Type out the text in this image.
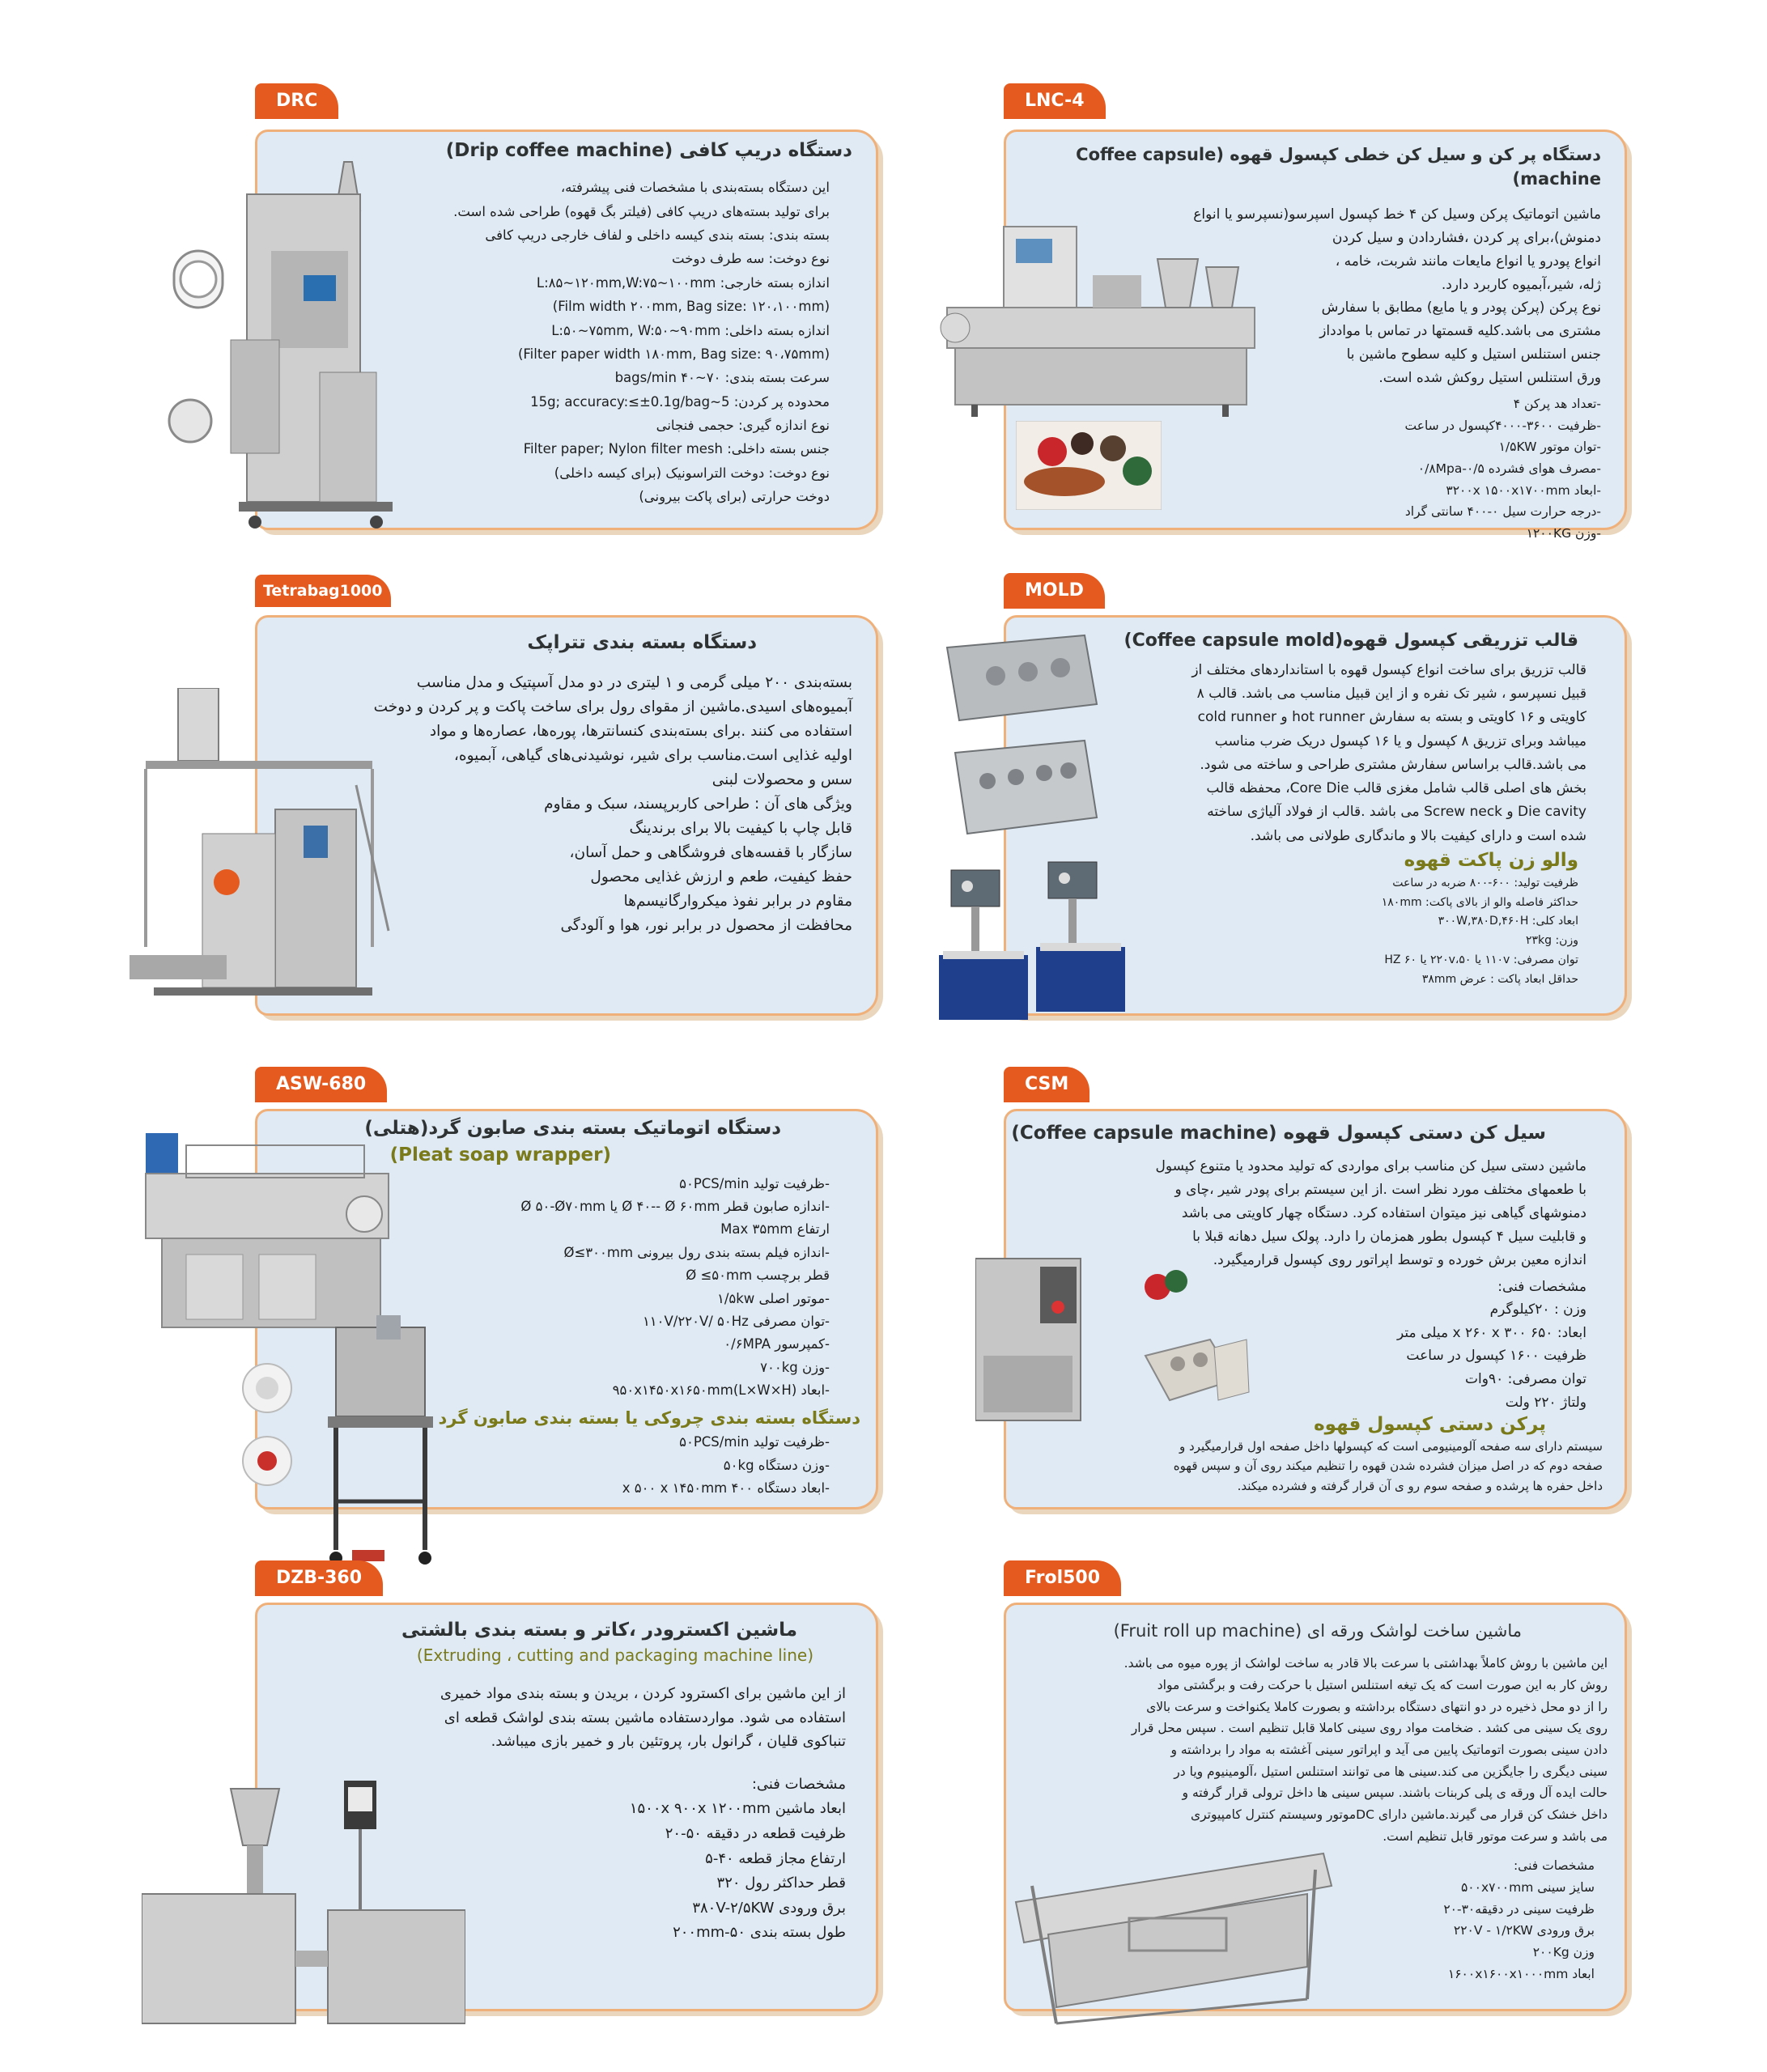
دستگاه دریپ کافی (Drip coffee machine)
این دستگاه بسته‌بندی با مشخصات فنی پیشرفته،
برای تولید بسته‌های دریپ کافی (فیلتر بگ قهوه) طراحی شده است.
بسته بندی: بسته بندی کیسه داخلی و لفاف خارجی دریپ کافی
نوع دوخت: سه طرف دوخت
اندازه بسته خارجی: L:۸۵~۱۲۰mm,W:۷۵~۱۰۰mm
(Film width ۲۰۰mm, Bag size: ۱۲۰،۱۰۰mm)
اندازه بسته داخلی: L:۵۰~۷۵mm, W:۵۰~۹۰mm
(Filter paper width ۱۸۰mm, Bag size: ۹۰،۷۵mm)
سرعت بسته بندی: bags/min ۴۰~۷۰
محدوده پر کردن: 5~15g; accuracy:≤±0.1g/bag
نوع اندازه گیری: حجمی فنجانی
جنس بسته داخلی: Filter paper; Nylon filter mesh
نوع دوخت: دوخت التراسونیک (برای کیسه داخلی)
دوخت حرارتی (برای پاکت بیرونی)
DRC
دستگاه پر کن و سیل کن خطی کپسول قهوه (Coffee capsule machine)
ماشین اتوماتیک پرکن وسیل کن ۴ خط کپسول اسپرسو(نسپرسو یا انواع
دمنوش)،برای پر کردن ،فشاردادن و سیل کردن
انواع پودرو یا انواع مایعات مانند شربت، خامه ،
ژله، شیر،آبمیوه کاربرد دارد.
نوع پرکن (پرکن پودر و یا مایع) مطابق با سفارش
مشتری می باشد.کلیه قسمتها در تماس با موادداز
جنس استنلس استیل و کلیه سطوح ماشین با
ورق استنلس استیل روکش شده است.
-تعداد هد پرکن ۴
-ظرفیت ۳۶۰۰-۴۰۰۰کپسول در ساعت
-توان موتور ۱/۵KW
-مصرف هوای فشرده ۰/۵-۰/۸Mpa
-ابعاد ۳۲۰۰x ۱۵۰۰x۱۷۰۰mm
-درجه حرارت سیل ۰-۴۰۰ سانتی گراد
-وزن ۱۲۰۰KG
LNC-4
دستگاه بسته بندی تتراپک
بسته‌بندی ۲۰۰ میلی گرمی و ۱ لیتری در دو مدل آسپتیک و مدل مناسب
آبمیوه‌های اسیدی.ماشین از مقوای رول برای ساخت پاکت و پر کردن و دوخت
استفاده می کنند .برای بسته‌بندی کنسانترها، پوره‌ها، عصاره‌ها و مواد
اولیه غذایی است.مناسب برای شیر، نوشیدنی‌های گیاهی، آبمیوه،
سس و محصولات لبنی
ویژگی های آن : طراحی کاربرپسند، سبک و مقاوم
قابل چاپ با کیفیت بالا برای برندینگ
سازگار با قفسه‌های فروشگاهی و حمل آسان،
حفظ کیفیت، طعم و ارزش غذایی محصول
مقاوم در برابر نفوذ میکروارگانیسم‌ها
محافظت از محصول در برابر نور، هوا و آلودگی
Tetrabag1000
قالب تزریقی کپسول قهوه(Coffee capsule mold)
قالب تزریق برای ساخت انواع کپسول قهوه با استانداردهای مختلف از
قبیل نسپرسو ، شیر تک نفره و از این قبیل مناسب می باشد. قالب ۸
کاویتی و ۱۶ کاویتی و بسته به سفارش hot runner و cold runner
میباشد وبرای تزریق ۸ کپسول و یا ۱۶ کپسول دریک ضرب مناسب
می باشد.قالب براساس سفارش مشتری طراحی و ساخته می شود.
بخش های اصلی قالب شامل مغزی قالب Core Die، محفظه قالب
Die cavity و Screw neck می باشد .قالب از فولاد آلیاژی ساخته
شده است و دارای کیفیت بالا و ماندگاری طولانی می باشد.
والو زن پاکت قهوه
ظرفیت تولید: ۶۰۰-۸۰۰ ضربه در ساعت
حداکثر فاصله والو از بالای پاکت: ۱۸۰mm
ابعاد کلی: ۳۰۰W,۳۸۰D,۴۶۰H
وزن: ۲۳kg
توان مصرفی: ۱۱۰v یا ۲۲۰v،۵۰ یا ۶۰ HZ
حداقل ابعاد پاکت : عرض ۳۸mm
MOLD
دستگاه اتوماتیک بسته بندی صابون گرد(هتلی)
(Pleat soap wrapper)
-ظرفیت تولید ۵۰PCS/min
-اندازه صابون قطر Ø ۴۰-- Ø ۶۰mm یا Ø ۵۰-Ø۷۰mm
ارتفاع Max ۳۵mm
-اندازه فیلم بسته بندی رول بیرونی Ø≤۳۰۰mm
قطر برچسب Ø ≤۵۰mm
-موتور اصلی ۱/۵kw
-توان مصرفی ۱۱۰V/۲۲۰V/ ۵۰Hz
-کمپرسور ۰/۶MPA
-وزن ۷۰۰kg
-ابعاد ۹۵۰x۱۴۵۰x۱۶۵۰mm(L×W×H)
دستگاه بسته بندی چروکی یا بسته بندی صابون گرد
-ظرفیت تولید ۵۰PCS/min
-وزن دستگاه ۵۰kg
-ابعاد دستگاه ۴۰۰ x ۵۰۰ x ۱۴۵۰mm
ASW-680
سیل کن دستی کپسول قهوه (Coffee capsule machine)
ماشین دستی سیل کن مناسب برای مواردی که تولید محدود یا متنوع کپسول
با طعمهای مختلف مورد نظر است .از این سیستم برای پودر شیر ،چای و
دمنوشهای گیاهی نیز میتوان استفاده کرد. دستگاه چهار کاویتی می باشد
و قابلیت سیل ۴ کپسول بطور همزمان را دارد. پولک سیل دهانه قبلا با
اندازه معین برش خورده و توسط اپراتور روی کپسول قرارمیگیرد.
مشخصات فنی:
وزن : ۲۰کیلوگرم
ابعاد: ۶۵۰ x ۲۶۰ x ۳۰۰ میلی متر
ظرفیت ۱۶۰۰ کپسول در ساعت
توان مصرفی: ۹۰وات
ولتاژ ۲۲۰ ولت
پرکن دستی کپسول قهوه
سیستم دارای سه صفحه آلومینیومی است که کپسولها داخل صفحه اول قرارمیگیرد و
صفحه دوم که در اصل میزان فشرده شدن قهوه را تنظیم میکند روی آن و سپس قهوه
داخل حفره ها پرشده و صفحه سوم رو ی آن قرار گرفته و فشرده میکند.
CSM
ماشین اکسترودر ،کاتر و بسته بندی بالشتی
(Extruding ، cutting and packaging machine line)
از این ماشین برای اکسترود کردن ، بریدن و بسته بندی مواد خمیری
استفاده می شود. مواردستفاده ماشین بسته بندی لواشک قطعه ای
تنباکوی قلیان ، گرانول بار، پروتئین بار و خمیر بازی میباشد.
مشخصات فنی:
ابعاد ماشین ۱۵۰۰x ۹۰۰x ۱۲۰۰mm
ظرفیت قطعه در دقیقه ۵۰-۲۰
ارتفاع مجاز قطعه ۴۰-۵
قطر حداکثر رول ۳۲۰
برق ورودی ۳۸۰V-۲/۵KW
طول بسته بندی ۵۰-۲۰۰mm
DZB-360
ماشین ساخت لواشک ورقه ای (Fruit roll up machine)
این ماشین با روش کاملاً بهداشتی با سرعت بالا قادر به ساخت لواشک از پوره میوه می باشد.
روش کار به این صورت است که یک تیغه استنلس استیل با حرکت رفت و برگشتی مواد
را از دو محل ذخیره در دو انتهای دستگاه برداشته و بصورت کاملا یکنواخت و سرعت بالای
روی یک سینی می کشد . ضخامت مواد روی سینی کاملا قابل تنظیم است . سپس محل قرار
دادن سینی بصورت اتوماتیک پایین می آید و اپراتور سینی آغشته به مواد را برداشته و
سینی دیگری را جایگزین می کند.سینی ها می توانند استنلس استیل ،آلومینیوم ویا در
حالت ایده آل ورقه ی پلی کربنات باشند. سپس سینی ها داخل ترولی قرار گرفته و
داخل خشک کن قرار می گیرند.ماشین دارای DCموتور وسیستم کنترل کامپیوتری
می باشد و سرعت موتور قابل تنظیم است.
مشخصات فنی:
سایز سینی ۵۰۰x۷۰۰mm
ظرفیت سینی در دقیقه۳۰-۲۰
برق ورودی ۲۲۰V - ۱/۲KW
وزن ۲۰۰Kg
ابعاد ۱۶۰۰x۱۶۰۰x۱۰۰۰mm
Frol500
